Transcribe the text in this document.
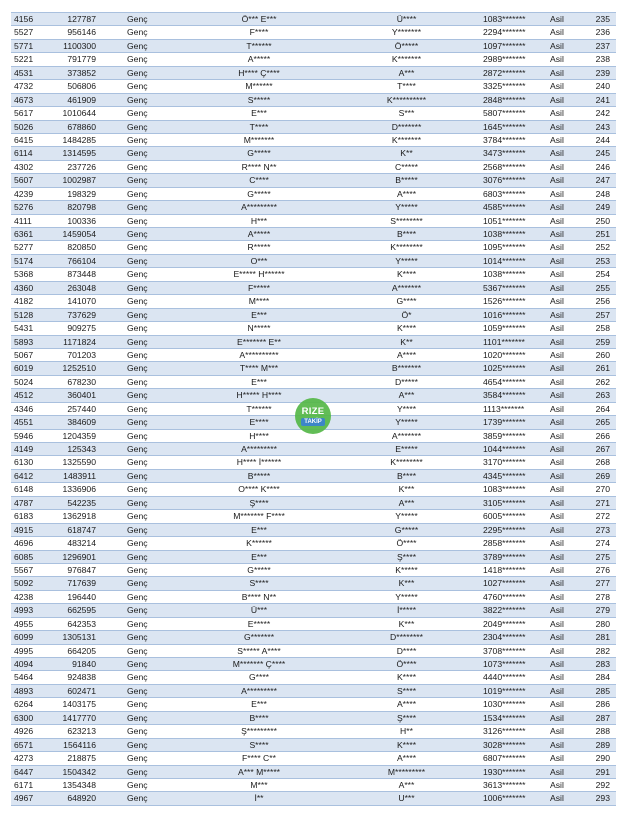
4156	127787	Genç	Ö*** E***	Ü****	1083*******	Asil	235
5527	956146	Genç	F****	Y*******	2294*******	Asil	236
5771	1100300	Genç	T******	Ö*****	1097*******	Asil	237
5221	791779	Genç	A*****	K*******	2989*******	Asil	238
4531	373852	Genç	H**** Ç****	A***	2872*******	Asil	239
4732	506806	Genç	M******	T****	3325*******	Asil	240
4673	461909	Genç	S*****	K**********	2848*******	Asil	241
5617	1010644	Genç	E***	S***	5807*******	Asil	242
5026	678860	Genç	T****	D*******	1645*******	Asil	243
6415	1484285	Genç	M*******	K*******	3784*******	Asil	244
6114	1314595	Genç	G*****	K**	3473*******	Asil	245
4302	237726	Genç	R**** N**	C*****	2568*******	Asil	246
5607	1002987	Genç	C****	B*****	3076*******	Asil	247
4239	198329	Genç	G*****	A****	6803*******	Asil	248
5276	820798	Genç	A*********	Y*****	4585*******	Asil	249
4111	100336	Genç	H***	S********	1051*******	Asil	250
6361	1459054	Genç	A*****	B****	1038*******	Asil	251
5277	820850	Genç	R*****	K********	1095*******	Asil	252
5174	766104	Genç	O***	Y*****	1014*******	Asil	253
5368	873448	Genç	E***** H******	K****	1038*******	Asil	254
4360	263048	Genç	F*****	A*******	5367*******	Asil	255
4182	141070	Genç	M****	G****	1526*******	Asil	256
5128	737629	Genç	E***	Ö*	1016*******	Asil	257
5431	909275	Genç	N*****	K****	1059*******	Asil	258
5893	1171824	Genç	E******* E**	K**	1101*******	Asil	259
5067	701203	Genç	A**********	A****	1020*******	Asil	260
6019	1252510	Genç	T**** M***	B*******	1025*******	Asil	261
5024	678230	Genç	E***	D*****	4654*******	Asil	262
4512	360401	Genç	H***** H****	A***	3584*******	Asil	263
4346	257440	Genç	T******	Y****	1113*******	Asil	264
4551	384609	Genç	E****	Y*****	1739*******	Asil	265
5946	1204359	Genç	H****	A*******	3859*******	Asil	266
4149	125343	Genç	A*********	E*****	1044*******	Asil	267
6130	1325590	Genç	H**** İ******	K********	3170*******	Asil	268
6412	1483911	Genç	B*****	B****	4345*******	Asil	269
6148	1336906	Genç	O**** K****	K***	1083*******	Asil	270
4787	542235	Genç	Ş****	A***	3105*******	Asil	271
6183	1362918	Genç	M******* F****	Y*****	6005*******	Asil	272
4915	618747	Genç	E***	G*****	2295*******	Asil	273
4696	483214	Genç	K******	Ö****	2858*******	Asil	274
6085	1296901	Genç	E***	Ş****	3789*******	Asil	275
5567	976847	Genç	G*****	K*****	1418*******	Asil	276
5092	717639	Genç	S****	K***	1027*******	Asil	277
4238	196440	Genç	B**** N**	Y*****	4760*******	Asil	278
4993	662595	Genç	Ü***	İ*****	3822*******	Asil	279
4955	642353	Genç	E*****	K***	2049*******	Asil	280
6099	1305131	Genç	G*******	D********	2304*******	Asil	281
4995	664205	Genç	S***** A****	D****	3708*******	Asil	282
4094	91840	Genç	M******* Ç****	Ö****	1073*******	Asil	283
5464	924838	Genç	G****	K****	4440*******	Asil	284
4893	602471	Genç	A*********	S****	1019*******	Asil	285
6264	1403175	Genç	E***	A****	1030*******	Asil	286
6300	1417770	Genç	B****	Ş****	1534*******	Asil	287
4926	623213	Genç	Ş*********	H**	3126*******	Asil	288
6571	1564116	Genç	S****	K****	3028*******	Asil	289
4273	218875	Genç	F**** C**	A****	6807*******	Asil	290
6447	1504342	Genç	A*** M*****	M*********	1930*******	Asil	291
6171	1354348	Genç	M***	A***	3613*******	Asil	292
4967	648920	Genç	İ**	U***	1006*******	Asil	293
RIZE
TAKİP
